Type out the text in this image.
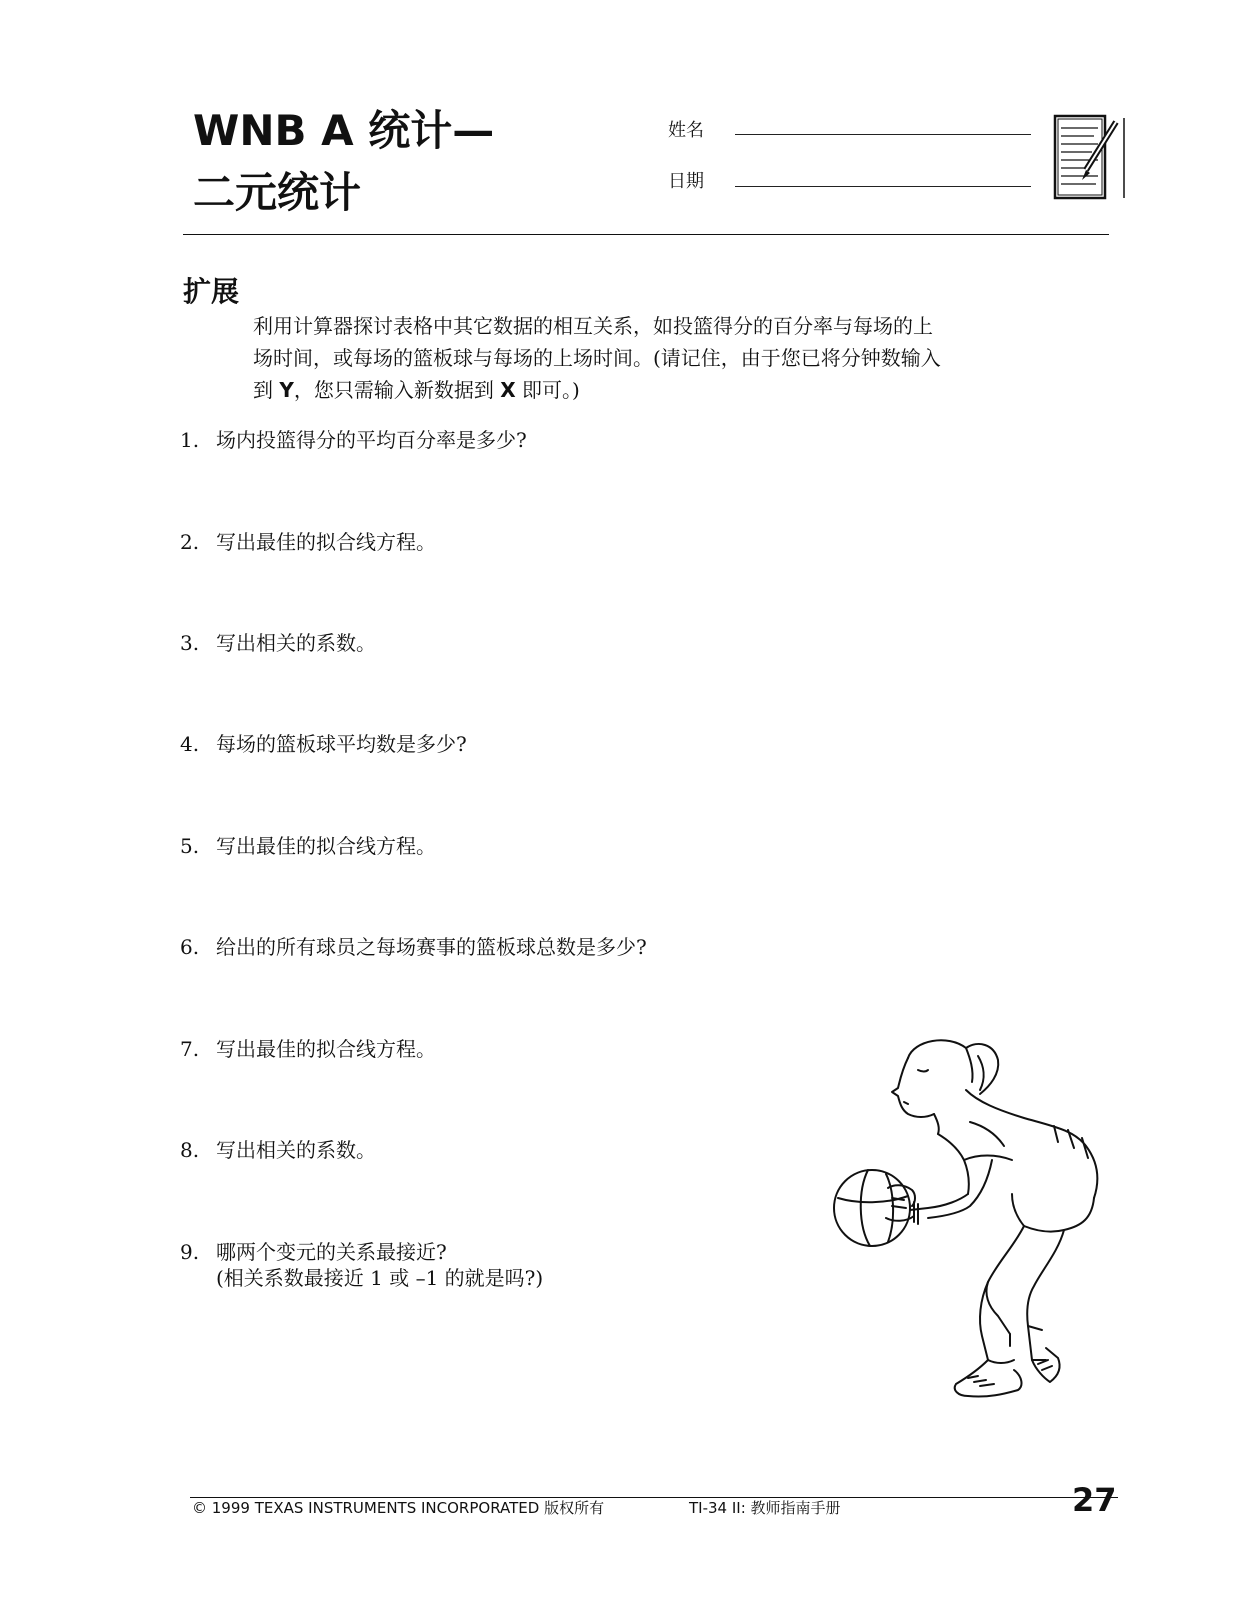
WNB A 统计—
二元统计
姓名
日期
扩展
利用计算器探讨表格中其它数据的相互关系，如投篮得分的百分率与每场的上
场时间，或每场的篮板球与每场的上场时间。(请记住，由于您已将分钟数输入
到 Y，您只需输入新数据到 X 即可。)
1. 场内投篮得分的平均百分率是多少?
2. 写出最佳的拟合线方程。
3. 写出相关的系数。
4. 每场的篮板球平均数是多少?
5. 写出最佳的拟合线方程。
6. 给出的所有球员之每场赛事的篮板球总数是多少?
7. 写出最佳的拟合线方程。
8. 写出相关的系数。
9. 哪两个变元的关系最接近?
(相关系数最接近 1 或 –1 的就是吗?)
© 1999 TEXAS INSTRUMENTS INCORPORATED 版权所有	TI-34 II: 教师指南手册	27
